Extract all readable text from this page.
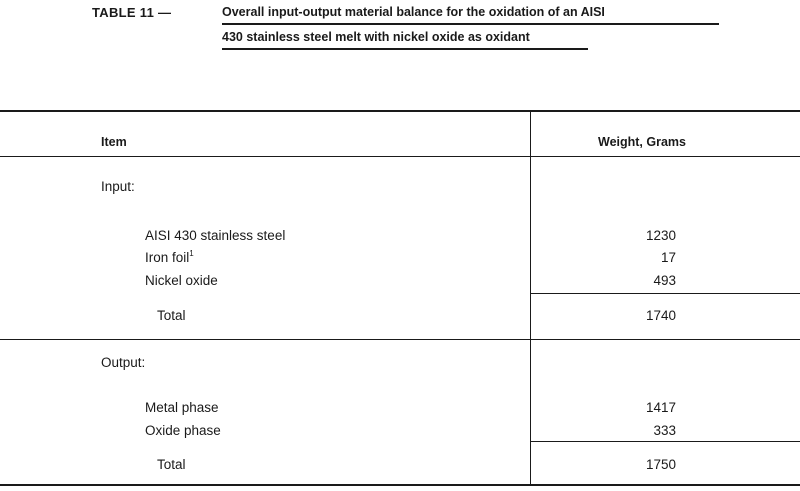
TABLE 11 —	Overall input-output material balance for the oxidation of an AISI
430 stainless steel melt with nickel oxide as oxidant
Item	Weight, Grams
Input:
AISI 430 stainless steel	1230
Iron foil$^1$	17
Nickel oxide	493
Total	1740
Output:
Metal phase	1417
Oxide phase	333
Total	1750
